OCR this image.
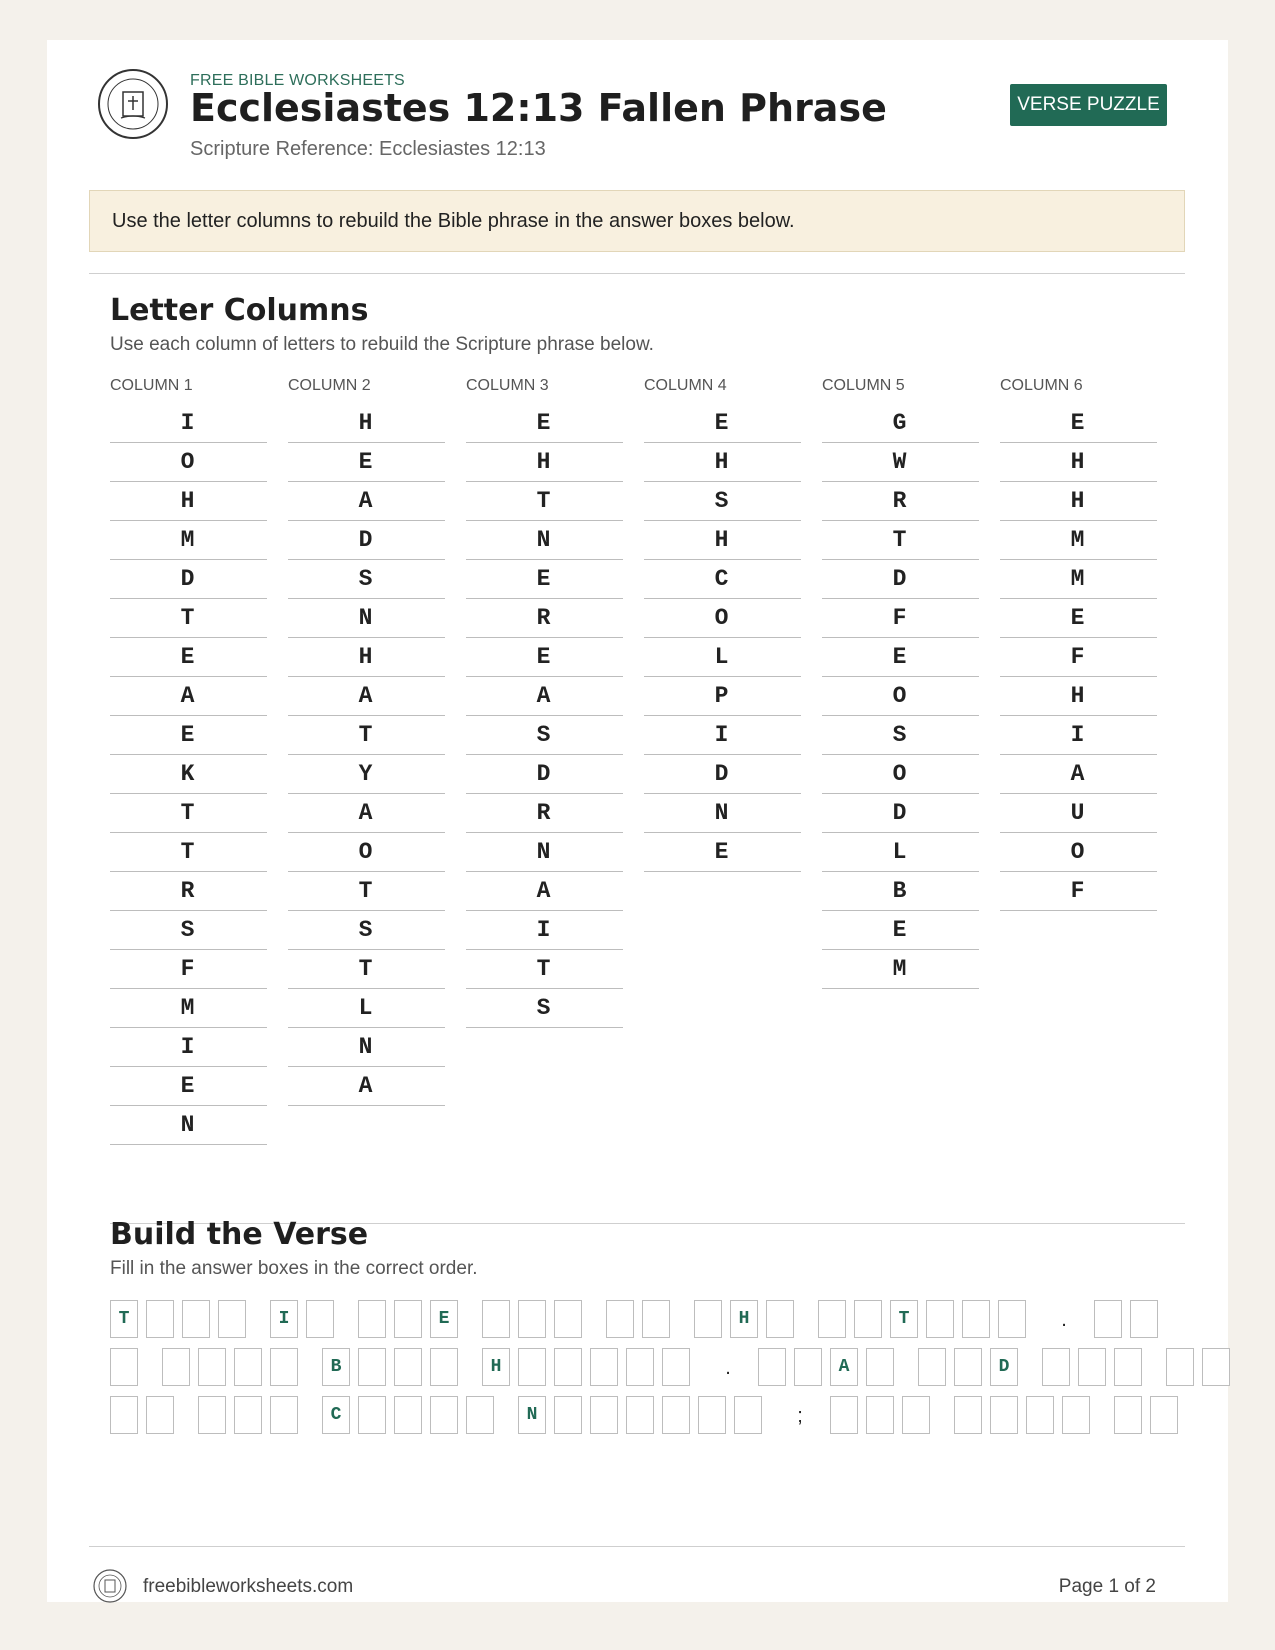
FREE BIBLE WORKSHEETS
Ecclesiastes 12:13 Fallen Phrase
Scripture Reference: Ecclesiastes 12:13
VERSE PUZZLE
Use the letter columns to rebuild the Bible phrase in the answer boxes below.
Letter Columns
Use each column of letters to rebuild the Scripture phrase below.
COLUMN 1
I
O
H
M
D
T
E
A
E
K
T
T
R
S
F
M
I
E
N
COLUMN 2
H
E
A
D
S
N
H
A
T
Y
A
O
T
S
T
L
N
A
COLUMN 3
E
H
T
N
E
R
E
A
S
D
R
N
A
I
T
S
COLUMN 4
E
H
S
H
C
O
L
P
I
D
N
E
COLUMN 5
G
W
R
T
D
F
E
O
S
O
D
L
B
E
M
COLUMN 6
E
H
H
M
M
E
F
H
I
A
U
O
F
Build the Verse
Fill in the answer boxes in the correct order.
T	I	E	H	T	.
B	H	.	A	D
C	N	;
freebibleworksheets.com	Page 1 of 2
